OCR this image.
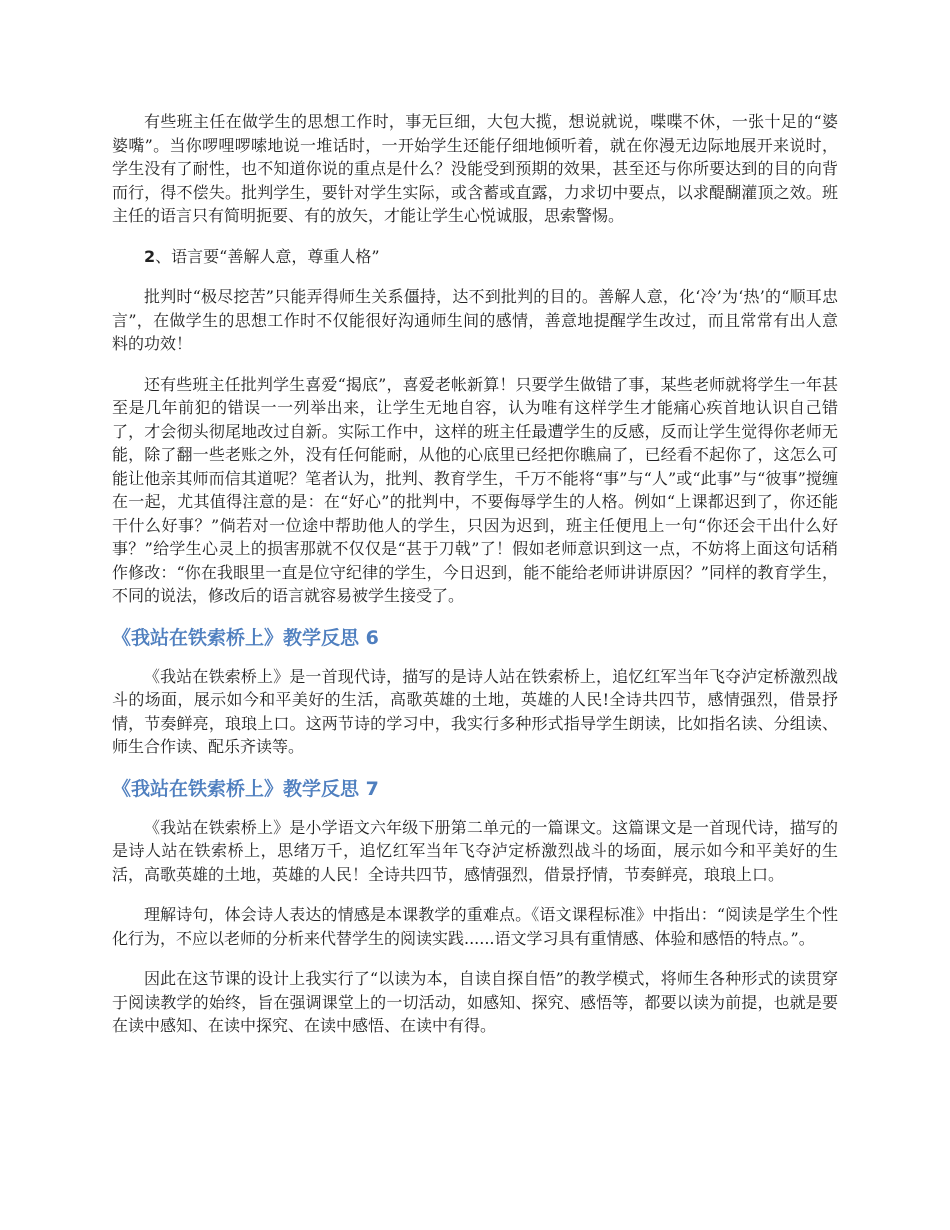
有些班主任在做学生的思想工作时，事无巨细，大包大揽，想说就说，喋喋不休，一张十足的“婆婆嘴”。当你啰哩啰嗦地说一堆话时，一开始学生还能仔细地倾听着，就在你漫无边际地展开来说时，学生没有了耐性，也不知道你说的重点是什么？没能受到预期的效果，甚至还与你所要达到的目的向背而行，得不偿失。批判学生，要针对学生实际，或含蓄或直露，力求切中要点，以求醍醐灌顶之效。班主任的语言只有简明扼要、有的放矢，才能让学生心悦诚服，思索警惕。

2、语言要“善解人意，尊重人格”

批判时“极尽挖苦”只能弄得师生关系僵持，达不到批判的目的。善解人意，化‘冷’为‘热’的“顺耳忠言”，在做学生的思想工作时不仅能很好沟通师生间的感情，善意地提醒学生改过，而且常常有出人意料的功效！

还有些班主任批判学生喜爱“揭底”，喜爱老帐新算！只要学生做错了事，某些老师就将学生一年甚至是几年前犯的错误一一列举出来，让学生无地自容，认为唯有这样学生才能痛心疾首地认识自己错了，才会彻头彻尾地改过自新。实际工作中，这样的班主任最遭学生的反感，反而让学生觉得你老师无能，除了翻一些老账之外，没有任何能耐，从他的心底里已经把你瞧扁了，已经看不起你了，这怎么可能让他亲其师而信其道呢？笔者认为，批判、教育学生，千万不能将“事”与“人”或“此事”与“彼事”搅缠在一起，尤其值得注意的是：在“好心”的批判中，不要侮辱学生的人格。例如“上课都迟到了，你还能干什么好事？”倘若对一位途中帮助他人的学生，只因为迟到，班主任便甩上一句“你还会干出什么好事？”给学生心灵上的损害那就不仅仅是“甚于刀戟”了！假如老师意识到这一点，不妨将上面这句话稍作修改：“你在我眼里一直是位守纪律的学生，今日迟到，能不能给老师讲讲原因？”同样的教育学生，不同的说法，修改后的语言就容易被学生接受了。

《我站在铁索桥上》教学反思 6

《我站在铁索桥上》是一首现代诗，描写的是诗人站在铁索桥上，追忆红军当年飞夺泸定桥激烈战斗的场面，展示如今和平美好的生活，高歌英雄的土地，英雄的人民!全诗共四节，感情强烈，借景抒情，节奏鲜亮，琅琅上口。这两节诗的学习中，我实行多种形式指导学生朗读，比如指名读、分组读、师生合作读、配乐齐读等。

《我站在铁索桥上》教学反思 7

《我站在铁索桥上》是小学语文六年级下册第二单元的一篇课文。这篇课文是一首现代诗，描写的是诗人站在铁索桥上，思绪万千，追忆红军当年飞夺泸定桥激烈战斗的场面，展示如今和平美好的生活，高歌英雄的土地，英雄的人民！全诗共四节，感情强烈，借景抒情，节奏鲜亮，琅琅上口。

理解诗句，体会诗人表达的情感是本课教学的重难点。《语文课程标准》中指出：“阅读是学生个性化行为，不应以老师的分析来代替学生的阅读实践......语文学习具有重情感、体验和感悟的特点。”。

因此在这节课的设计上我实行了“以读为本，自读自探自悟”的教学模式，将师生各种形式的读贯穿于阅读教学的始终，旨在强调课堂上的一切活动，如感知、探究、感悟等，都要以读为前提，也就是要在读中感知、在读中探究、在读中感悟、在读中有得。
